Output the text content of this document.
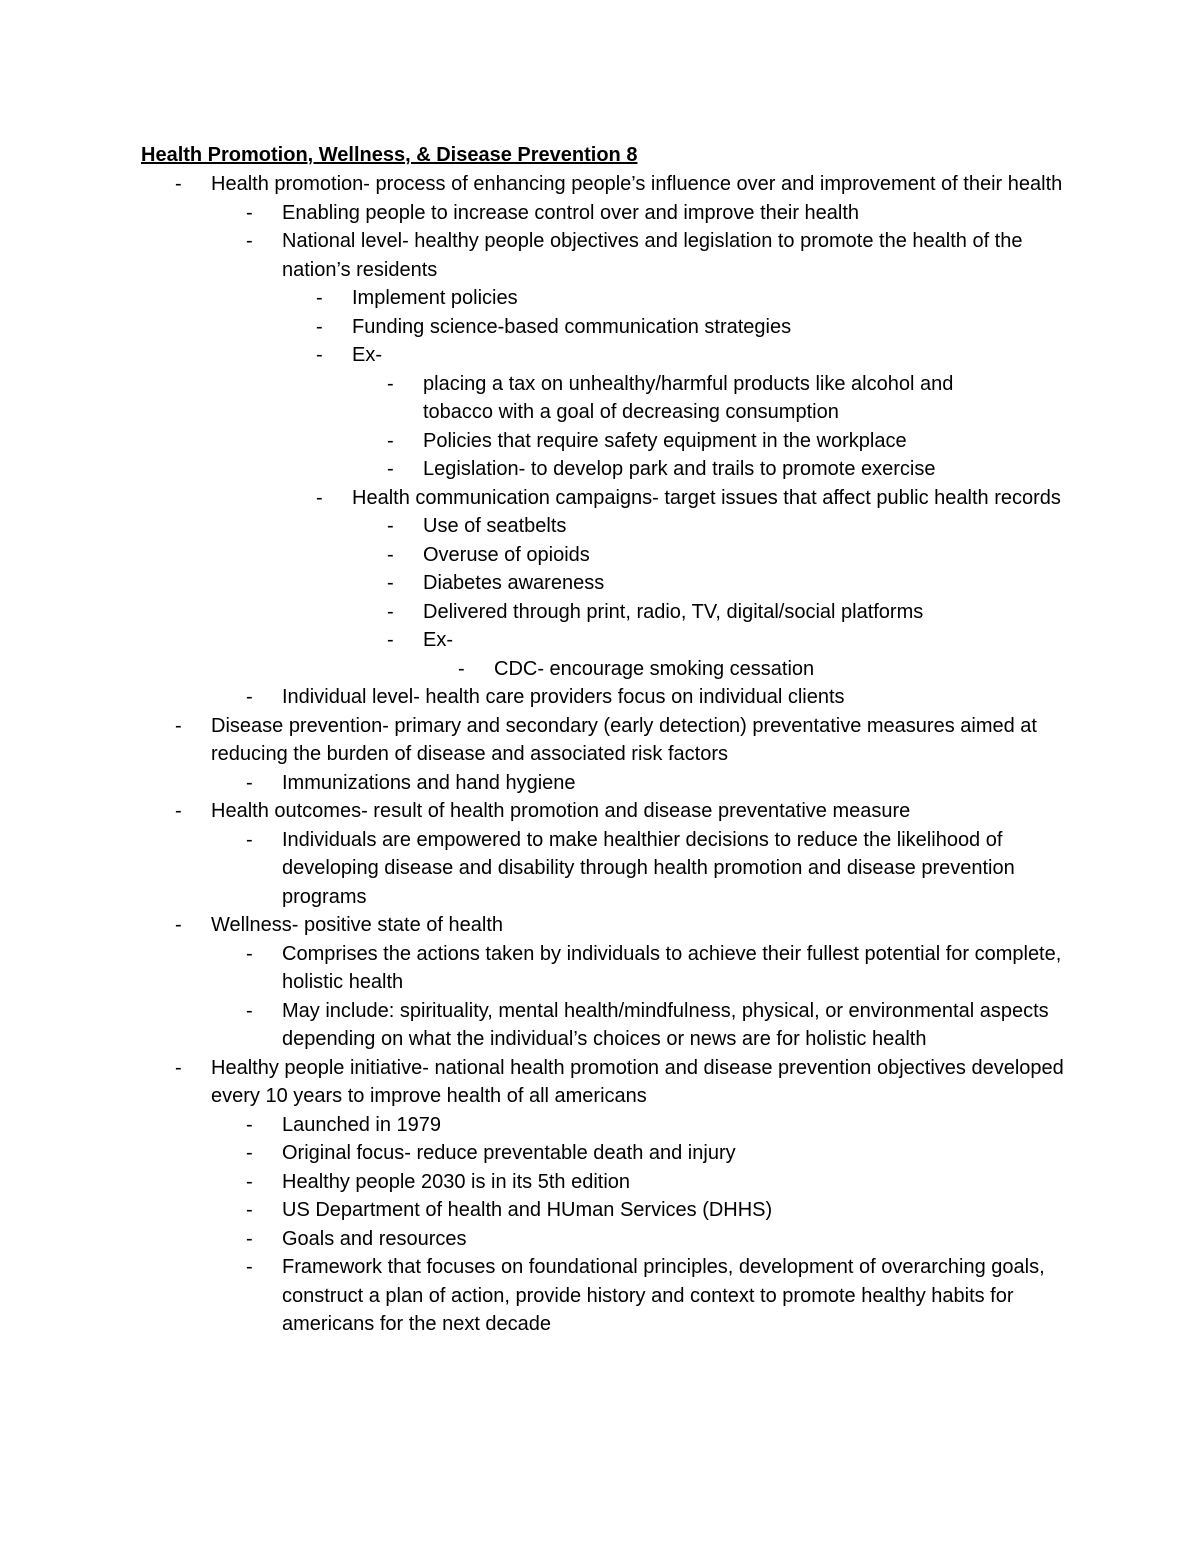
Health Promotion, Wellness, & Disease Prevention 8
-	Health promotion- process of enhancing people’s influence over and improvement of their health
-	Enabling people to increase control over and improve their health
-	National level- healthy people objectives and legislation to promote the health of the nation’s residents
-	Implement policies
-	Funding science-based communication strategies
-	Ex-
-	placing a tax on unhealthy/harmful products like alcohol and tobacco with a goal of decreasing consumption
-	Policies that require safety equipment in the workplace
-	Legislation- to develop park and trails to promote exercise
-	Health communication campaigns- target issues that affect public health records
-	Use of seatbelts
-	Overuse of opioids
-	Diabetes awareness
-	Delivered through print, radio, TV, digital/social platforms
-	Ex-
-	CDC- encourage smoking cessation
-	Individual level- health care providers focus on individual clients
-	Disease prevention- primary and secondary (early detection) preventative measures aimed at reducing the burden of disease and associated risk factors
-	Immunizations and hand hygiene
-	Health outcomes- result of health promotion and disease preventative measure
-	Individuals are empowered to make healthier decisions to reduce the likelihood of developing disease and disability through health promotion and disease prevention programs
-	Wellness- positive state of health
-	Comprises the actions taken by individuals to achieve their fullest potential for complete, holistic health
-	May include: spirituality, mental health/mindfulness, physical, or environmental aspects depending on what the individual’s choices or news are for holistic health
-	Healthy people initiative- national health promotion and disease prevention objectives developed every 10 years to improve health of all americans
-	Launched in 1979
-	Original focus- reduce preventable death and injury
-	Healthy people 2030 is in its 5th edition
-	US Department of health and HUman Services (DHHS)
-	Goals and resources
-	Framework that focuses on foundational principles, development of overarching goals, construct a plan of action, provide history and context to promote healthy habits for americans for the next decade
